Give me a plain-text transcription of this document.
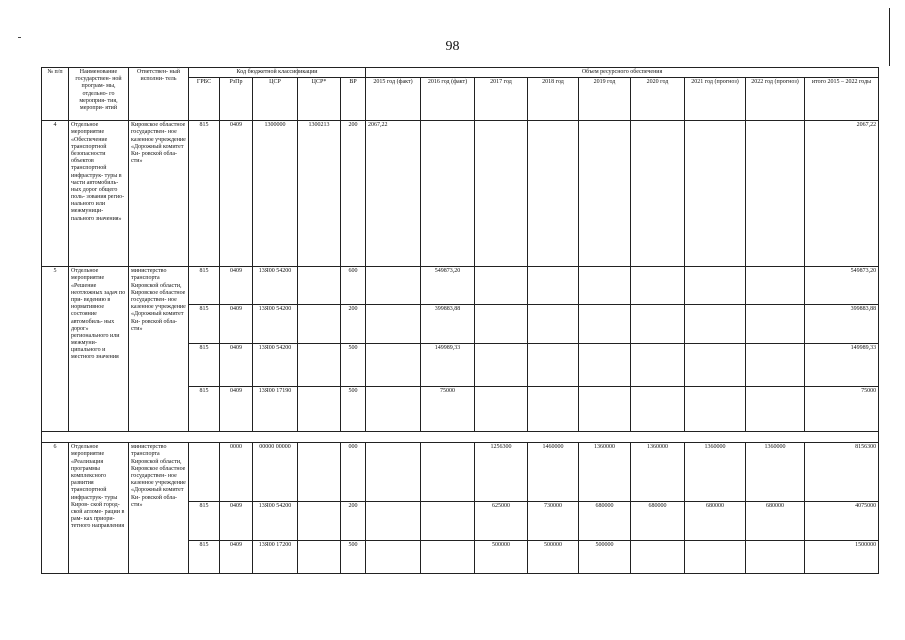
98
№ п/п	Наименование государствен- ной програм- мы, отдельно- го мероприя- тия, меропри- ятий	Ответствен- ный исполни- тель	Код бюджетной классификации					Объем ресурсного обеспечения								
			ГРБС	РзПр	ЦСР	ЦСР*	ВР	2015 год (факт)	2016 год (факт)	2017 год	2018 год	2019 год	2020 год	2021 год (прогноз)	2022 год (прогноз)	итого 2015 – 2022 годы
4	Отдельное мероприятие «Обеспечение транспортной безопасности объектов транспортной инфраструк- туры в части автомобиль- ных дорог общего поль- зования регио- нального или межмуници- пального значения»	Кировское областное государствен- ное казенное учреждение «Дорожный комитет Ки- ровской обла- сти»	815	0409	1300000	1300213	200	2067,22								2067,22
5	Отдельное мероприятие «Решение неотложных задач по при- ведению в нормативное состояние автомобиль- ных дорог» регионального или межмуни- ципального и местного значения	министерство транспорта Кировской области, Кировское областное государствен- ное казенное учреждение «Дорожный комитет Ки- ровской обла- сти»	815	0409	13Я00 54200		600		549873,20							549873,20
			815	0409	13Я00 54200		200		399883,88							399883,88
			815	0409	13Я00 54200		500		149989,33							149989,33
			815	0409	13Я00 17190		500		75000							75000

6	Отдельное мероприятие «Реализация программы комплексного развития транспортной инфраструк- туры Киров- ской город- ской агломе- рации в рам- ках приори- тетного направления	министерство транспорта Кировской области, Кировское областное государствен- ное казенное учреждение «Дорожный комитет Ки- ровской обла- сти»		0000	00000 00000		000			1256300	1460000	1360000	1360000	1360000	1360000	8156300
			815	0409	13Я00 54200		200			625000	730000	680000	680000	680000	680000	4075000
			815	0409	13Я00 17200		500			500000	500000	500000				1500000
